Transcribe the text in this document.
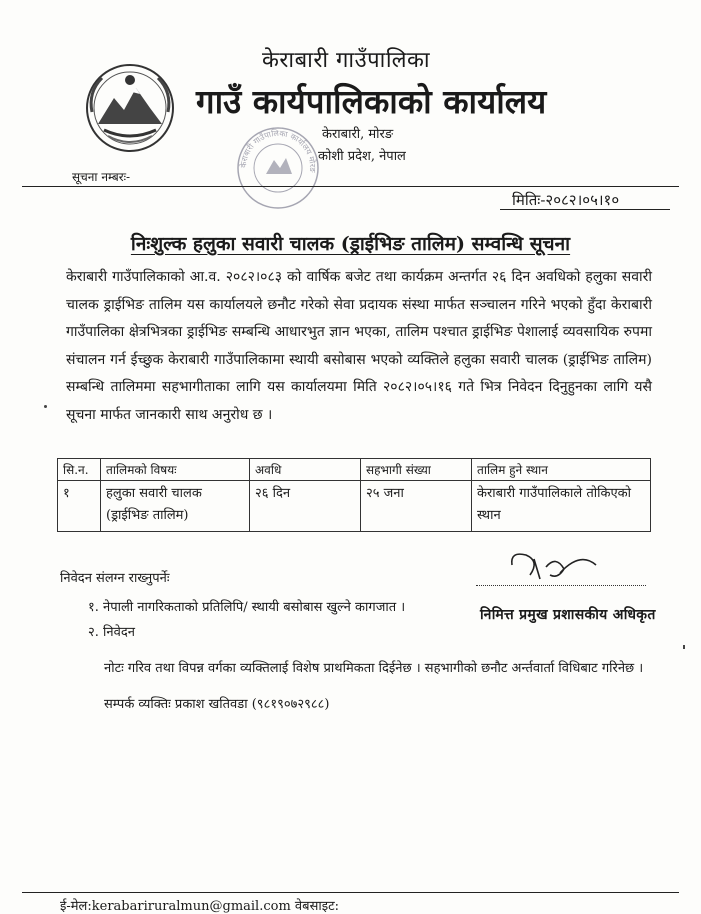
केराबारी गाउँपालिका
गाउँ कार्यपालिकाको कार्यालय
केराबारी, मोरङ
कोशी प्रदेश, नेपाल
सूचना नम्बरः-
केराबारी गाउँपालिका कार्यालय मोरङ
मितिः-२०८२।०५।१०
निःशुल्क हलुका सवारी चालक (ड्राईभिङ तालिम) सम्वन्धि सूचना
केराबारी गाउँपालिकाको आ.व. २०८२।०८३ को वार्षिक बजेट तथा कार्यक्रम अन्तर्गत २६ दिन अवधिको हलुका सवारी चालक ड्राईभिङ तालिम यस कार्यालयले छनौट गरेको सेवा प्रदायक संस्था मार्फत सञ्चालन गरिने भएको हुँदा केराबारी गाउँपालिका क्षेत्रभित्रका ड्राईभिङ सम्बन्धि आधारभुत ज्ञान भएका, तालिम पश्चात ड्राईभिङ पेशालाई व्यवसायिक रुपमा संचालन गर्न ईच्छुक केराबारी गाउँपालिकामा स्थायी बसोबास भएको व्यक्तिले हलुका सवारी चालक (ड्राईभिङ तालिम) सम्बन्धि तालिममा सहभागीताका लागि यस कार्यालयमा मिति २०८२।०५।१६ गते भित्र निवेदन दिनुहुनका लागि यसै सूचना मार्फत जानकारी साथ अनुरोध छ ।
सि.न.	तालिमको विषयः	अवधि	सहभागी संख्या	तालिम हुने स्थान
१	हलुका सवारी चालक (ड्राईभिङ तालिम)	२६ दिन	२५ जना	केराबारी गाउँपालिकाले तोकिएको स्थान
निमित्त प्रमुख प्रशासकीय अधिकृत
निवेदन संलग्न राख्नुपर्नेः
१. नेपाली नागरिकताको प्रतिलिपि/ स्थायी बसोबास खुल्ने कागजात ।
२. निवेदन
नोटः गरिव तथा विपन्न वर्गका व्यक्तिलाई विशेष प्राथमिकता दिईनेछ । सहभागीको छनौट अर्न्तवार्ता विधिबाट गरिनेछ ।
सम्पर्क व्यक्तिः प्रकाश खतिवडा (९८१९०७२९८८)
ई-मेल:kerabariruralmun@gmail.com वेबसाइट:
